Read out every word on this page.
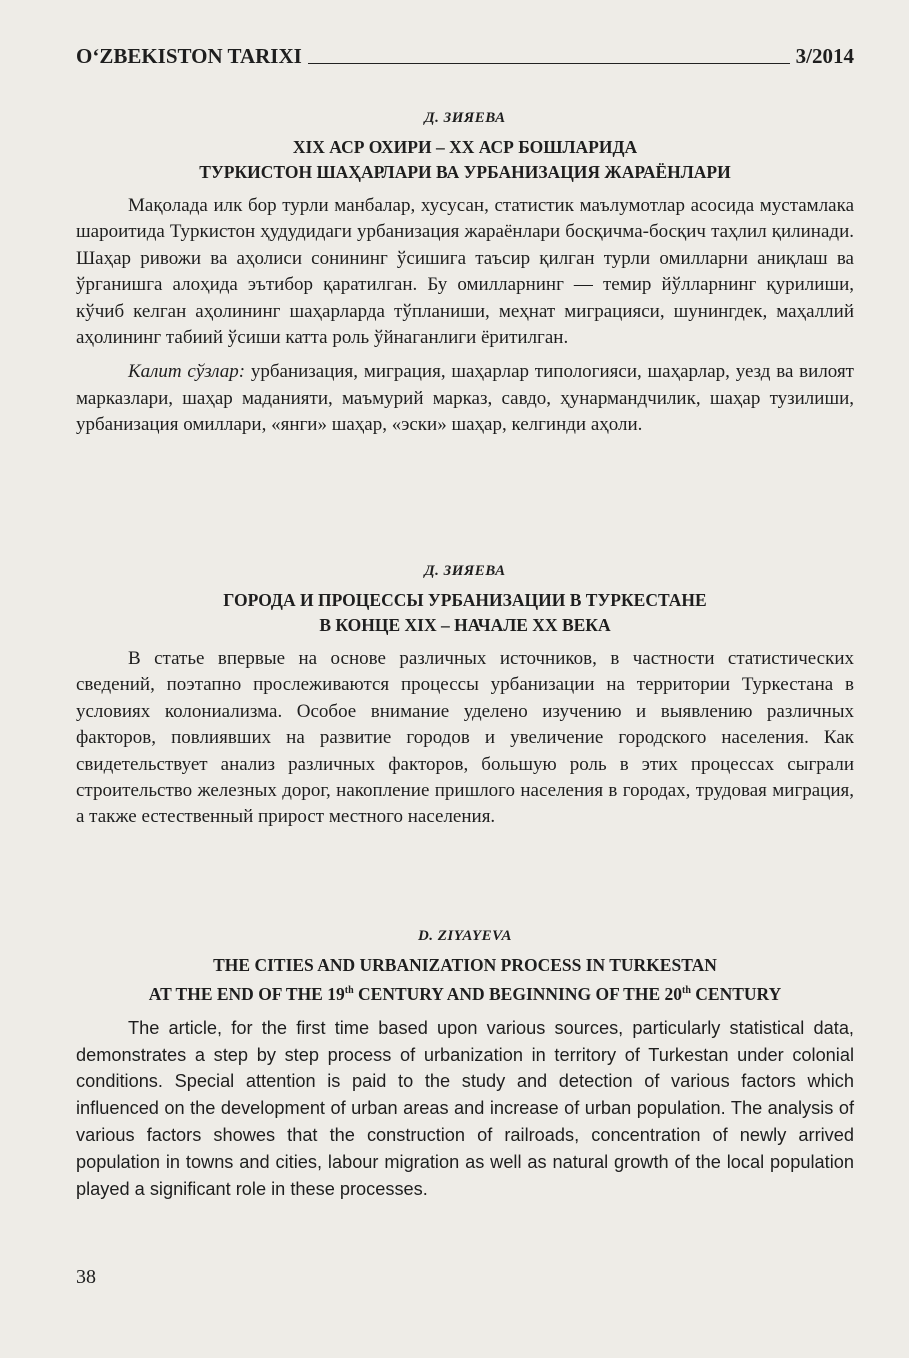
O‘ZBEKISTON TARIXI	3/2014
Д. ЗИЯЕВА
XIX АСР ОХИРИ – XX АСР БОШЛАРИДА
ТУРКИСТОН ШАҲАРЛАРИ ВА УРБАНИЗАЦИЯ ЖАРАЁНЛАРИ

Мақолада илк бор турли манбалар, хусусан, статистик маълумотлар асосида мустамлака шароитида Туркистон ҳудудидаги урбанизация жараёнлари босқичма-босқич таҳлил қилинади. Шаҳар ривожи ва аҳолиси сонининг ўсишига таъсир қилган турли омилларни аниқлаш ва ўрганишга алоҳида эътибор қаратилган. Бу омилларнинг — темир йўлларнинг қурилиши, кўчиб келган аҳолининг шаҳарларда тўпланиши, меҳнат миграцияси, шунингдек, маҳаллий аҳолининг табиий ўсиши катта роль ўйнаганлиги ёритилган.

Калит сўзлар: урбанизация, миграция, шаҳарлар типологияси, шаҳарлар, уезд ва вилоят марказлари, шаҳар маданияти, маъмурий марказ, савдо, ҳунармандчилик, шаҳар тузилиши, урбанизация омиллари, «янги» шаҳар, «эски» шаҳар, келгинди аҳоли.

Д. ЗИЯЕВА
ГОРОДА И ПРОЦЕССЫ УРБАНИЗАЦИИ В ТУРКЕСТАНЕ
В КОНЦЕ XIX – НАЧАЛЕ XX ВЕКА

В статье впервые на основе различных источников, в частности статистических сведений, поэтапно прослеживаются процессы урбанизации на территории Туркестана в условиях колониализма. Особое внимание уделено изучению и выявлению различных факторов, повлиявших на развитие городов и увеличение городского населения. Как свидетельствует анализ различных факторов, большую роль в этих процессах сыграли строительство железных дорог, накопление пришлого населения в городах, трудовая миграция, а также естественный прирост местного населения.

D. ZIYAYEVA
THE CITIES AND URBANIZATION PROCESS IN TURKESTAN
AT THE END OF THE 19th CENTURY AND BEGINNING OF THE 20th CENTURY

The article, for the first time based upon various sources, particularly statistical data, demonstrates a step by step process of urbanization in territory of Turkestan under colonial conditions. Special attention is paid to the study and detection of various factors which influenced on the development of urban areas and increase of urban population. The analysis of various factors showes that the construction of railroads, concentration of newly arrived population in towns and cities, labour migration as well as natural growth of the local population played a significant role in these processes.

38
